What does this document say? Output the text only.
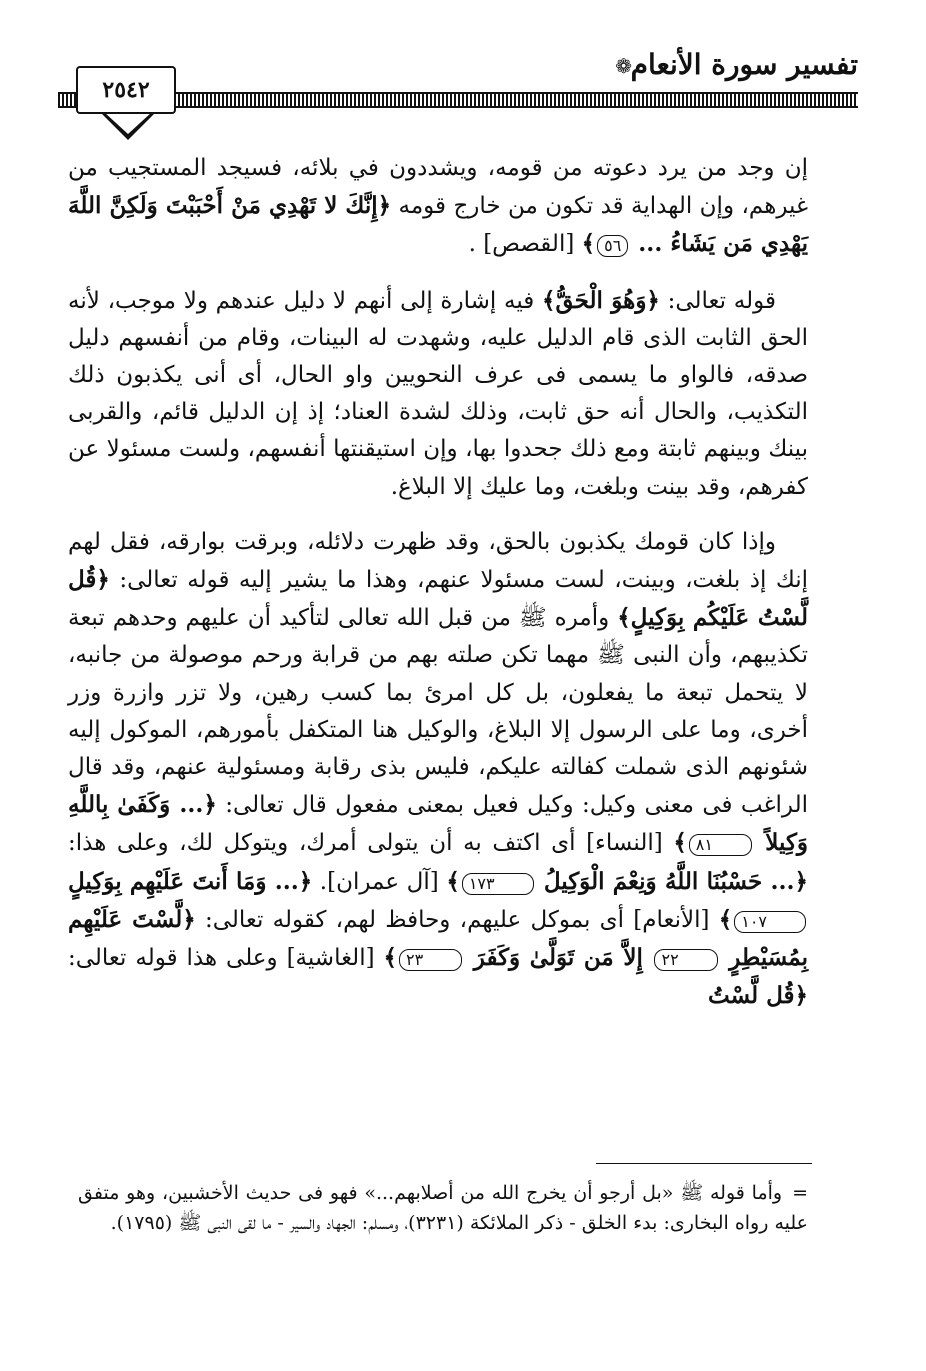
تفسير سورة الأنعام
❁
٢٥٤٢

إن وجد من يرد دعوته من قومه، ويشددون في بلائه، فسيجد المستجيب من غيرهم، وإن الهداية قد تكون من خارج قومه ﴿إِنَّكَ لا تَهْدِي مَنْ أَحْبَبْتَ وَلَكِنَّ اللَّهَ يَهْدِي مَن يَشَاءُ ... ٥٦﴾ [القصص] .

قوله تعالى: ﴿وَهُوَ الْحَقُّ﴾ فيه إشارة إلى أنهم لا دليل عندهم ولا موجب، لأنه الحق الثابت الذى قام الدليل عليه، وشهدت له البينات، وقام من أنفسهم دليل صدقه، فالواو ما يسمى فى عرف النحويين واو الحال، أى أنى يكذبون ذلك التكذيب، والحال أنه حق ثابت، وذلك لشدة العناد؛ إذ إن الدليل قائم، والقربى بينك وبينهم ثابتة ومع ذلك جحدوا بها، وإن استيقنتها أنفسهم، ولست مسئولا عن كفرهم، وقد بينت وبلغت، وما عليك إلا البلاغ.

وإذا كان قومك يكذبون بالحق، وقد ظهرت دلائله، وبرقت بوارقه، فقل لهم إنك إذ بلغت، وبينت، لست مسئولا عنهم، وهذا ما يشير إليه قوله تعالى: ﴿قُل لَّسْتُ عَلَيْكُم بِوَكِيلٍ﴾ وأمره ﷺ من قبل الله تعالى لتأكيد أن عليهم وحدهم تبعة تكذيبهم، وأن النبى ﷺ مهما تكن صلته بهم من قرابة ورحم موصولة من جانبه، لا يتحمل تبعة ما يفعلون، بل كل امرئ بما كسب رهين، ولا تزر وازرة وزر أخرى، وما على الرسول إلا البلاغ، والوكيل هنا المتكفل بأمورهم، الموكول إليه شئونهم الذى شملت كفالته عليكم، فليس بذى رقابة ومسئولية عنهم، وقد قال الراغب فى معنى وكيل: وكيل فعيل بمعنى مفعول قال تعالى: ﴿... وَكَفَىٰ بِاللَّهِ وَكِيلاً ٨١﴾ [النساء] أى اكتف به أن يتولى أمرك، ويتوكل لك، وعلى هذا: ﴿... حَسْبُنَا اللَّهُ وَنِعْمَ الْوَكِيلُ ١٧٣﴾ [آل عمران]. ﴿... وَمَا أَنتَ عَلَيْهِم بِوَكِيلٍ ١٠٧﴾ [الأنعام] أى بموكل عليهم، وحافظ لهم، كقوله تعالى: ﴿لَّسْتَ عَلَيْهِم بِمُسَيْطِرٍ ٢٢ إِلاَّ مَن تَوَلَّىٰ وَكَفَرَ ٢٣﴾ [الغاشية] وعلى هذا قوله تعالى: ﴿قُل لَّسْتُ

=وأما قوله ﷺ «بل أرجو أن يخرج الله من أصلابهم...» فهو فى حديث الأخشبين، وهو متفق عليه رواه البخارى: بدء الخلق - ذكر الملائكة (٣٢٣١)، ومسلم: الجهاد والسير - ما لقى النبى ﷺ (١٧٩٥).
